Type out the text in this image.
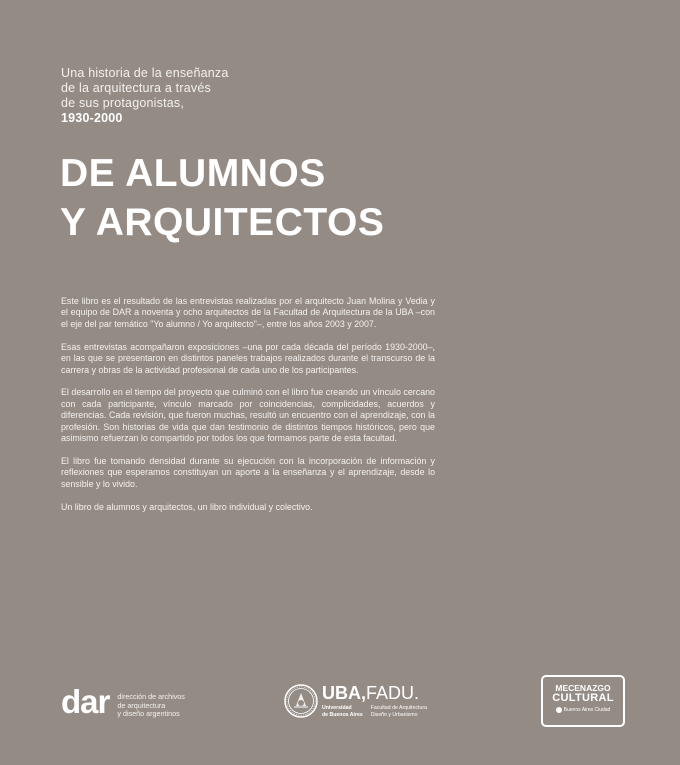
Una historia de la enseñanza
de la arquitectura a través
de sus protagonistas,
1930-2000
DE ALUMNOS
Y ARQUITECTOS

Este libro es el resultado de las entrevistas realizadas por el arquitecto Juan Molina y Vedia y el equipo de DAR a noventa y ocho arquitectos de la Facultad de Arquitectura de la UBA –con el eje del par temático "Yo alumno / Yo arquitecto"–, entre los años 2003 y 2007.

Esas entrevistas acompañaron exposiciones –una por cada década del período 1930-2000–, en las que se presentaron en distintos paneles trabajos realizados durante el transcurso de la carrera y obras de la actividad profesional de cada uno de los participantes.

El desarrollo en el tiempo del proyecto que culminó con el libro fue creando un vínculo cercano con cada participante, vínculo marcado por coincidencias, complicidades, acuerdos y diferencias. Cada revisión, que fueron muchas, resultó un encuentro con el aprendizaje, con la profesión. Son historias de vida que dan testimonio de distintos tiempos históricos, pero que asimismo refuerzan lo compartido por todos los que formamos parte de esta facultad.

El libro fue tomando densidad durante su ejecución con la incorporación de información y reflexiones que esperamos constituyan un aporte a la enseñanza y el aprendizaje, desde lo sensible y lo vivido.

Un libro de alumnos y arquitectos, un libro individual y colectivo.

dar dirección de archivos
de arquitectura
y diseño argentinos
UBA,FADU.
Universidad
de Buenos Aires
Facultad de Arquitectura
Diseño y Urbanismo
MECENAZGO
CULTURAL
Buenos Aires Ciudad
